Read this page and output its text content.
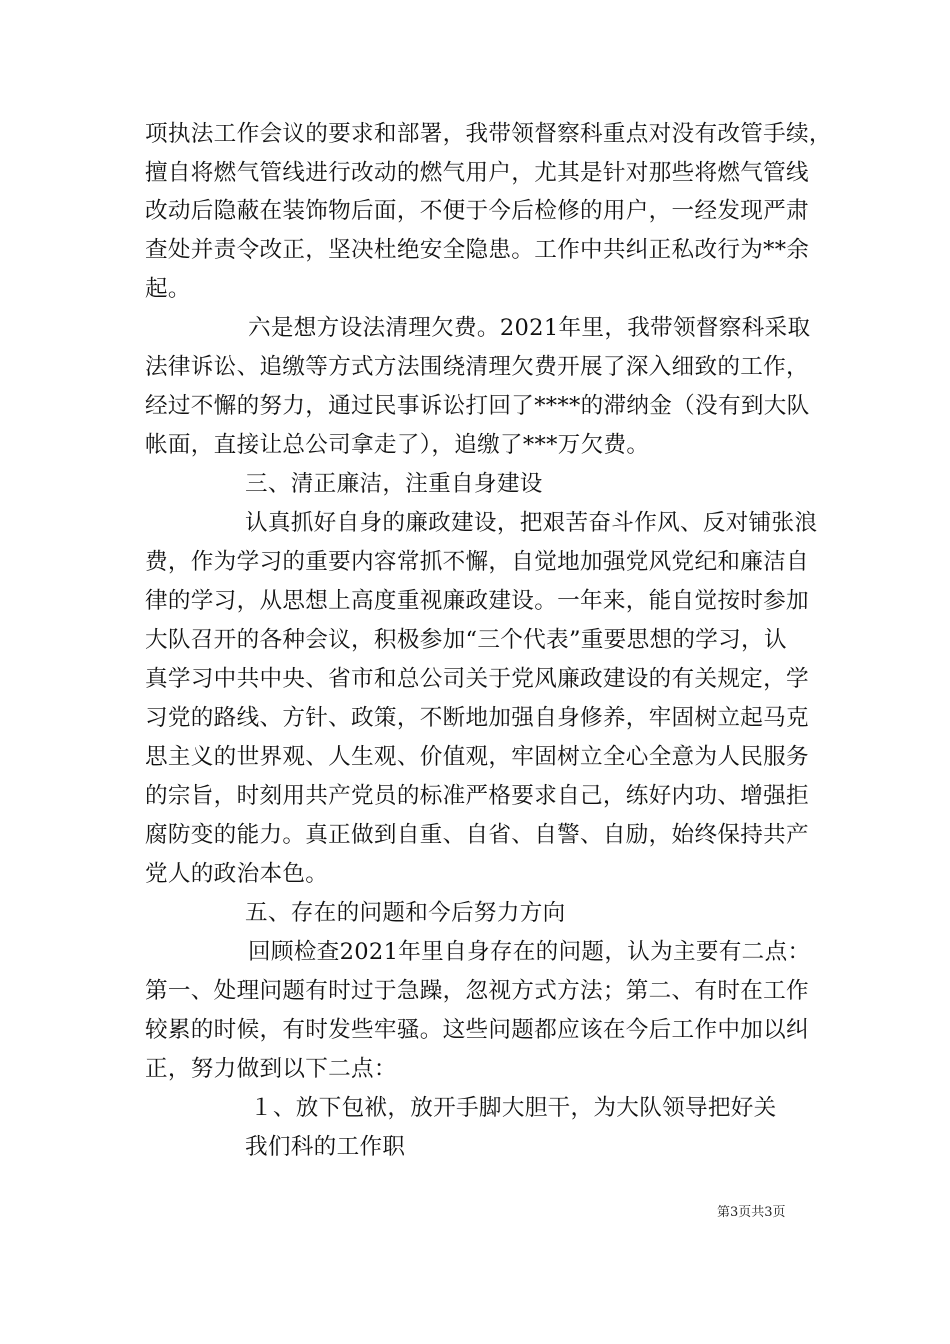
项执法工作会议的要求和部署，我带领督察科重点对没有改管手续，
擅自将燃气管线进行改动的燃气用户，尤其是针对那些将燃气管线
改动后隐蔽在装饰物后面，不便于今后检修的用户，一经发现严肃
查处并责令改正，坚决杜绝安全隐患。工作中共纠正私改行为**余
起。
六是想方设法清理欠费。2021年里，我带领督察科采取
法律诉讼、追缴等方式方法围绕清理欠费开展了深入细致的工作，
经过不懈的努力，通过民事诉讼打回了****的滞纳金（没有到大队
帐面，直接让总公司拿走了），追缴了***万欠费。
三、清正廉洁，注重自身建设
认真抓好自身的廉政建设，把艰苦奋斗作风、反对铺张浪
费，作为学习的重要内容常抓不懈，自觉地加强党风党纪和廉洁自
律的学习，从思想上高度重视廉政建设。一年来，能自觉按时参加
大队召开的各种会议，积极参加“三个代表”重要思想的学习，认
真学习中共中央、省市和总公司关于党风廉政建设的有关规定，学
习党的路线、方针、政策，不断地加强自身修养，牢固树立起马克
思主义的世界观、人生观、价值观，牢固树立全心全意为人民服务
的宗旨，时刻用共产党员的标准严格要求自己，练好内功、增强拒
腐防变的能力。真正做到自重、自省、自警、自励，始终保持共产
党人的政治本色。
五、存在的问题和今后努力方向
回顾检查2021年里自身存在的问题，认为主要有二点：
第一、处理问题有时过于急躁，忽视方式方法；第二、有时在工作
较累的时候，有时发些牢骚。这些问题都应该在今后工作中加以纠
正，努力做到以下二点：
１、放下包袱，放开手脚大胆干，为大队领导把好关
我们科的工作职
第3页共3页
